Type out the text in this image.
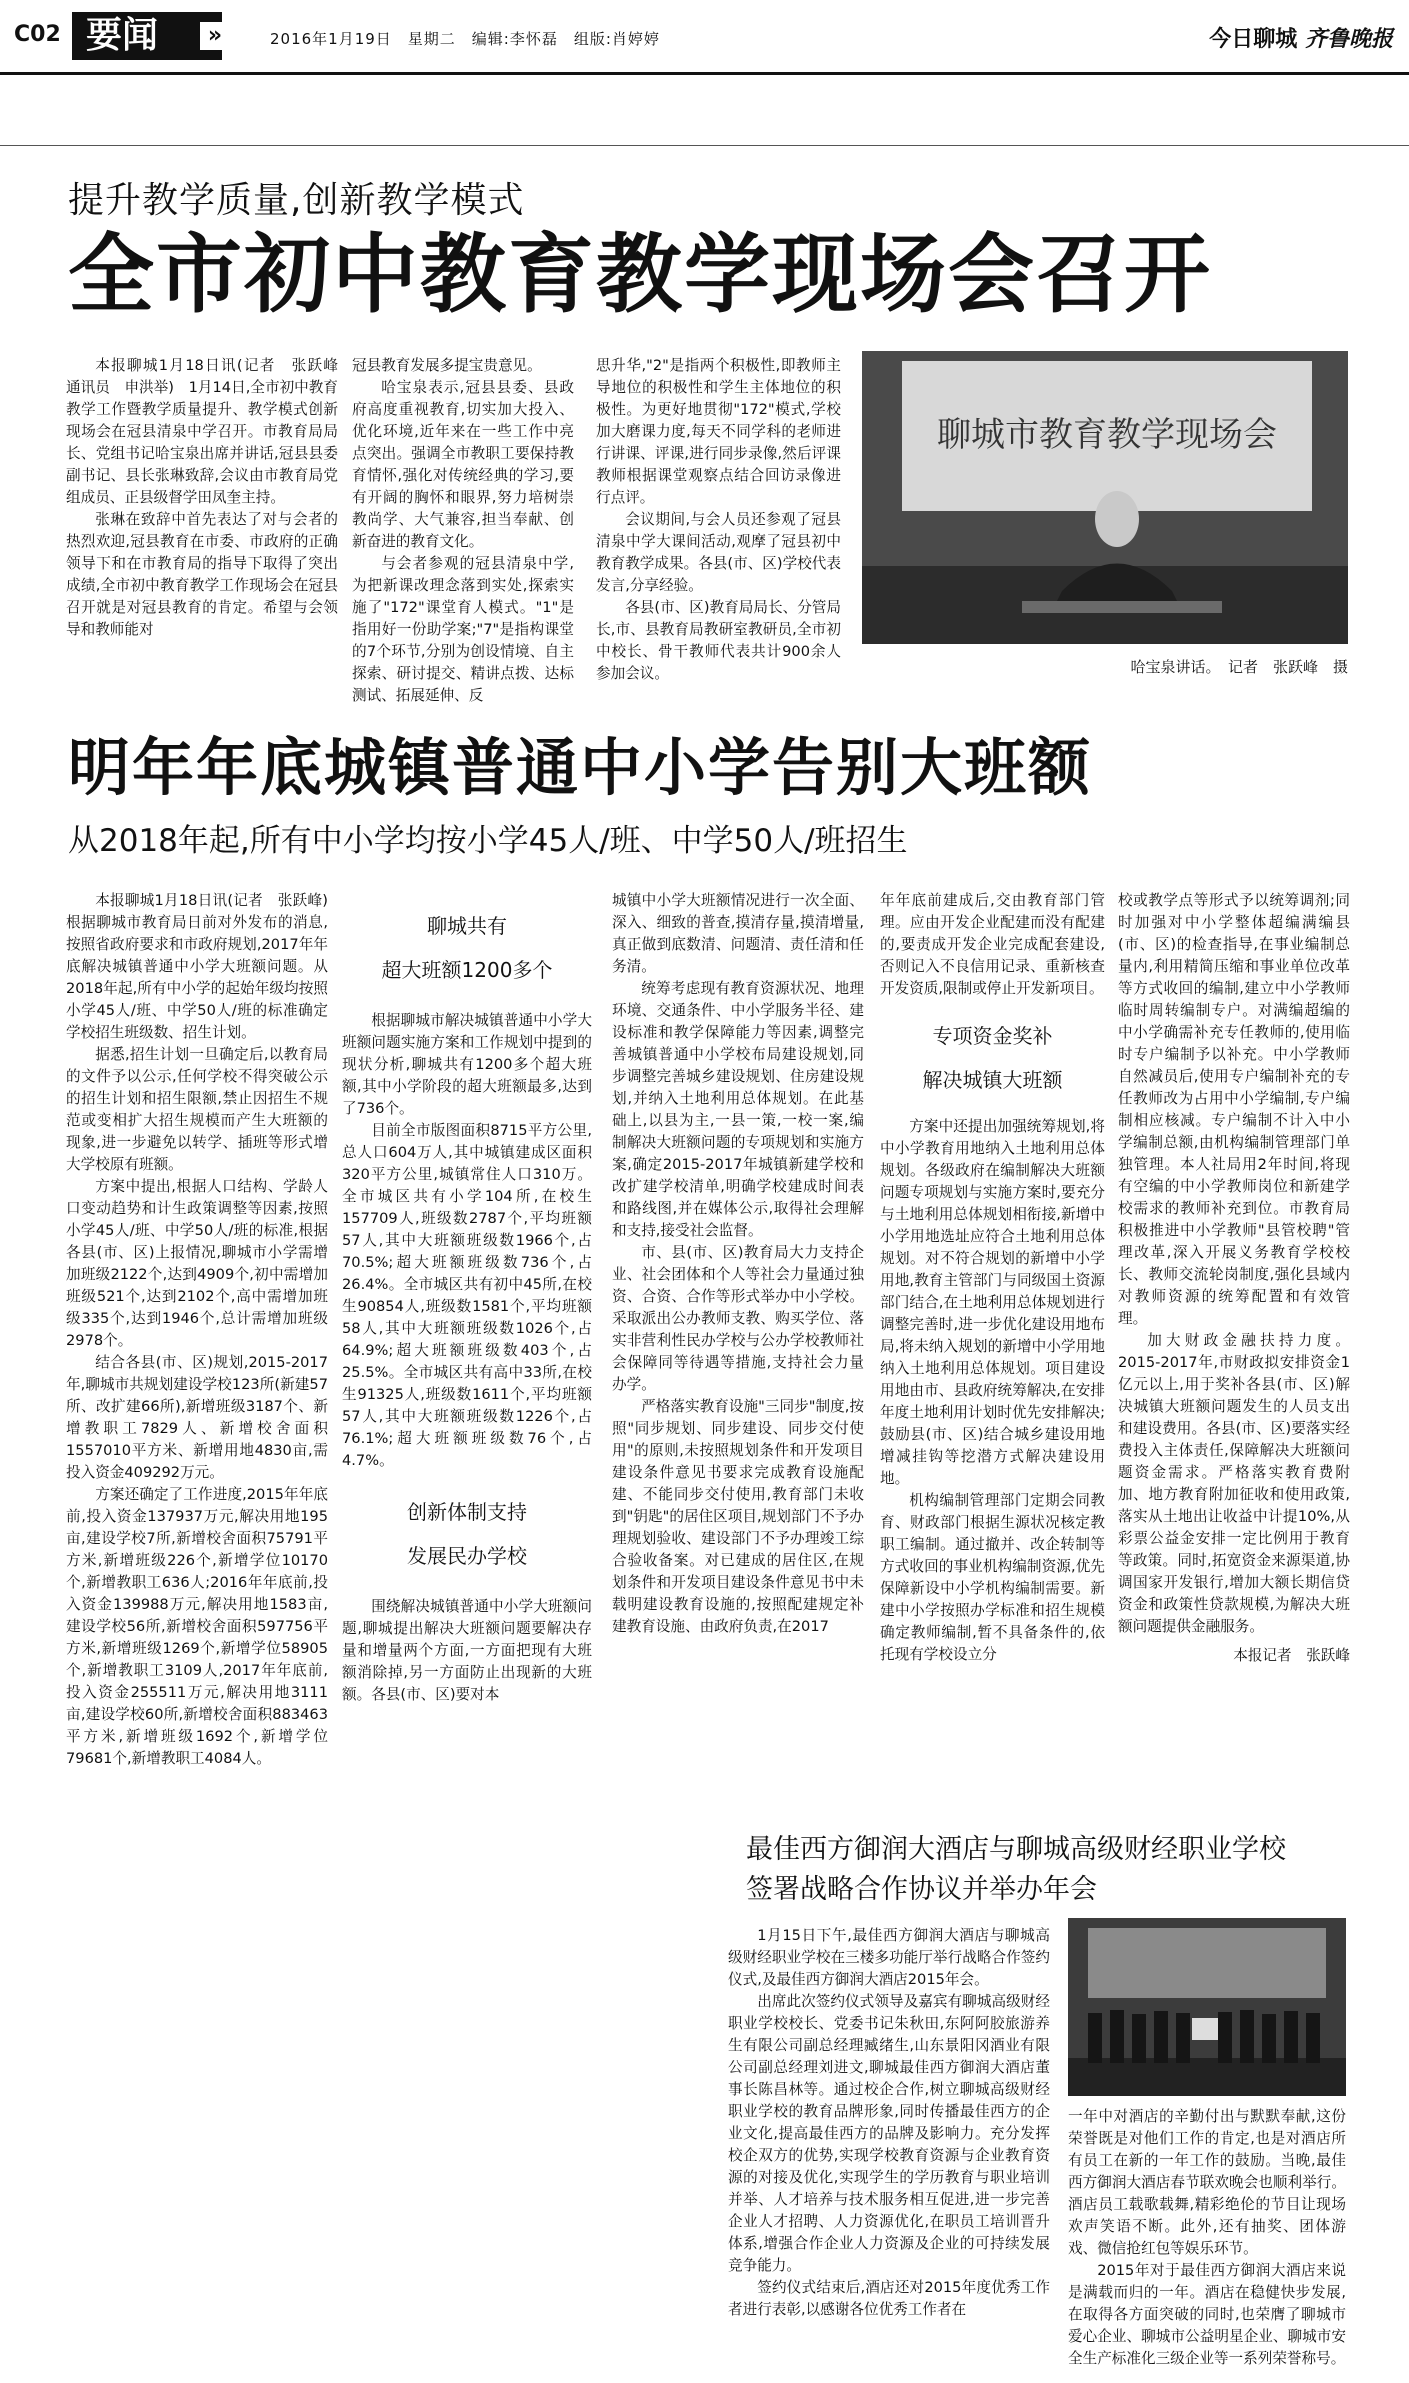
C02 要闻	»	2016年1月19日　星期二　编辑:李怀磊　组版:肖婷婷	今日聊城 齐鲁晚报
提升教学质量,创新教学模式
全市初中教育教学现场会召开

本报聊城1月18日讯(记者　张跃峰　通讯员　申洪举)　1月14日,全市初中教育教学工作暨教学质量提升、教学模式创新现场会在冠县清泉中学召开。市教育局局长、党组书记哈宝泉出席并讲话,冠县县委副书记、县长张琳致辞,会议由市教育局党组成员、正县级督学田凤奎主持。

张琳在致辞中首先表达了对与会者的热烈欢迎,冠县教育在市委、市政府的正确领导下和在市教育局的指导下取得了突出成绩,全市初中教育教学工作现场会在冠县召开就是对冠县教育的肯定。希望与会领导和教师能对

冠县教育发展多提宝贵意见。

哈宝泉表示,冠县县委、县政府高度重视教育,切实加大投入、优化环境,近年来在一些工作中亮点突出。强调全市教职工要保持教育情怀,强化对传统经典的学习,要有开阔的胸怀和眼界,努力培树崇教尚学、大气兼容,担当奉献、创新奋进的教育文化。

与会者参观的冠县清泉中学,为把新课改理念落到实处,探索实施了"172"课堂育人模式。"1"是指用好一份助学案;"7"是指构课堂的7个环节,分别为创设情境、自主探索、研讨提交、精讲点拨、达标测试、拓展延伸、反

思升华,"2"是指两个积极性,即教师主导地位的积极性和学生主体地位的积极性。为更好地贯彻"172"模式,学校加大磨课力度,每天不同学科的老师进行讲课、评课,进行同步录像,然后评课教师根据课堂观察点结合回访录像进行点评。

会议期间,与会人员还参观了冠县清泉中学大课间活动,观摩了冠县初中教育教学成果。各县(市、区)学校代表发言,分享经验。

各县(市、区)教育局局长、分管局长,市、县教育局教研室教研员,全市初中校长、骨干教师代表共计900余人参加会议。

聊城市教育教学现场会
哈宝泉讲话。　记者　张跃峰　摄
明年年底城镇普通中小学告别大班额
从2018年起,所有中小学均按小学45人/班、中学50人/班招生

本报聊城1月18日讯(记者　张跃峰)　根据聊城市教育局日前对外发布的消息,按照省政府要求和市政府规划,2017年年底解决城镇普通中小学大班额问题。从2018年起,所有中小学的起始年级均按照小学45人/班、中学50人/班的标准确定学校招生班级数、招生计划。

据悉,招生计划一旦确定后,以教育局的文件予以公示,任何学校不得突破公示的招生计划和招生限额,禁止因招生不规范或变相扩大招生规模而产生大班额的现象,进一步避免以转学、插班等形式增大学校原有班额。

方案中提出,根据人口结构、学龄人口变动趋势和计生政策调整等因素,按照小学45人/班、中学50人/班的标准,根据各县(市、区)上报情况,聊城市小学需增加班级2122个,达到4909个,初中需增加班级521个,达到2102个,高中需增加班级335个,达到1946个,总计需增加班级2978个。

结合各县(市、区)规划,2015-2017年,聊城市共规划建设学校123所(新建57所、改扩建66所),新增班级3187个、新增教职工7829人、新增校舍面积1557010平方米、新增用地4830亩,需投入资金409292万元。

方案还确定了工作进度,2015年年底前,投入资金137937万元,解决用地195亩,建设学校7所,新增校舍面积75791平方米,新增班级226个,新增学位10170个,新增教职工636人;2016年年底前,投入资金139988万元,解决用地1583亩,建设学校56所,新增校舍面积597756平方米,新增班级1269个,新增学位58905个,新增教职工3109人,2017年年底前,投入资金255511万元,解决用地3111亩,建设学校60所,新增校舍面积883463平方米,新增班级1692个,新增学位79681个,新增教职工4084人。

聊城共有
超大班额1200多个

根据聊城市解决城镇普通中小学大班额问题实施方案和工作规划中提到的现状分析,聊城共有1200多个超大班额,其中小学阶段的超大班额最多,达到了736个。

目前全市版图面积8715平方公里,总人口604万人,其中城镇建成区面积320平方公里,城镇常住人口310万。全市城区共有小学104所,在校生157709人,班级数2787个,平均班额57人,其中大班额班级数1966个,占70.5%;超大班额班级数736个,占26.4%。全市城区共有初中45所,在校生90854人,班级数1581个,平均班额58人,其中大班额班级数1026个,占64.9%;超大班额班级数403个,占25.5%。全市城区共有高中33所,在校生91325人,班级数1611个,平均班额57人,其中大班额班级数1226个,占76.1%;超大班额班级数76个,占4.7%。

创新体制支持
发展民办学校

围绕解决城镇普通中小学大班额问题,聊城提出解决大班额问题要解决存量和增量两个方面,一方面把现有大班额消除掉,另一方面防止出现新的大班额。各县(市、区)要对本

城镇中小学大班额情况进行一次全面、深入、细致的普查,摸清存量,摸清增量,真正做到底数清、问题清、责任清和任务清。

统筹考虑现有教育资源状况、地理环境、交通条件、中小学服务半径、建设标准和教学保障能力等因素,调整完善城镇普通中小学校布局建设规划,同步调整完善城乡建设规划、住房建设规划,并纳入土地利用总体规划。在此基础上,以县为主,一县一策,一校一案,编制解决大班额问题的专项规划和实施方案,确定2015-2017年城镇新建学校和改扩建学校清单,明确学校建成时间表和路线图,并在媒体公示,取得社会理解和支持,接受社会监督。

市、县(市、区)教育局大力支持企业、社会团体和个人等社会力量通过独资、合资、合作等形式举办中小学校。采取派出公办教师支教、购买学位、落实非营利性民办学校与公办学校教师社会保障同等待遇等措施,支持社会力量办学。

严格落实教育设施"三同步"制度,按照"同步规划、同步建设、同步交付使用"的原则,未按照规划条件和开发项目建设条件意见书要求完成教育设施配建、不能同步交付使用,教育部门未收到"钥匙"的居住区项目,规划部门不予办理规划验收、建设部门不予办理竣工综合验收备案。对已建成的居住区,在规划条件和开发项目建设条件意见书中未载明建设教育设施的,按照配建规定补建教育设施、由政府负责,在2017

年年底前建成后,交由教育部门管理。应由开发企业配建而没有配建的,要责成开发企业完成配套建设,否则记入不良信用记录、重新核查开发资质,限制或停止开发新项目。

专项资金奖补
解决城镇大班额

方案中还提出加强统筹规划,将中小学教育用地纳入土地利用总体规划。各级政府在编制解决大班额问题专项规划与实施方案时,要充分与土地利用总体规划相衔接,新增中小学用地选址应符合土地利用总体规划。对不符合规划的新增中小学用地,教育主管部门与同级国土资源部门结合,在土地利用总体规划进行调整完善时,进一步优化建设用地布局,将未纳入规划的新增中小学用地纳入土地利用总体规划。项目建设用地由市、县政府统筹解决,在安排年度土地利用计划时优先安排解决;鼓励县(市、区)结合城乡建设用地增减挂钩等挖潜方式解决建设用地。

机构编制管理部门定期会同教育、财政部门根据生源状况核定教职工编制。通过撤并、改企转制等方式收回的事业机构编制资源,优先保障新设中小学机构编制需要。新建中小学按照办学标准和招生规模确定教师编制,暂不具备条件的,依托现有学校设立分

校或教学点等形式予以统筹调剂;同时加强对中小学整体超编满编县(市、区)的检查指导,在事业编制总量内,利用精简压缩和事业单位改革等方式收回的编制,建立中小学教师临时周转编制专户。对满编超编的中小学确需补充专任教师的,使用临时专户编制予以补充。中小学教师自然减员后,使用专户编制补充的专任教师改为占用中小学编制,专户编制相应核减。专户编制不计入中小学编制总额,由机构编制管理部门单独管理。本人社局用2年时间,将现有空编的中小学教师岗位和新建学校需求的教师补充到位。市教育局积极推进中小学教师"县管校聘"管理改革,深入开展义务教育学校校长、教师交流轮岗制度,强化县域内对教师资源的统筹配置和有效管理。

加大财政金融扶持力度。2015-2017年,市财政拟安排资金1亿元以上,用于奖补各县(市、区)解决城镇大班额问题发生的人员支出和建设费用。各县(市、区)要落实经费投入主体责任,保障解决大班额问题资金需求。严格落实教育费附加、地方教育附加征收和使用政策,落实从土地出让收益中计提10%,从彩票公益金安排一定比例用于教育等政策。同时,拓宽资金来源渠道,协调国家开发银行,增加大额长期信贷资金和政策性贷款规模,为解决大班额问题提供金融服务。

本报记者　张跃峰
最佳西方御润大酒店与聊城高级财经职业学校
签署战略合作协议并举办年会

1月15日下午,最佳西方御润大酒店与聊城高级财经职业学校在三楼多功能厅举行战略合作签约仪式,及最佳西方御润大酒店2015年会。

出席此次签约仪式领导及嘉宾有聊城高级财经职业学校校长、党委书记朱秋田,东阿阿胶旅游养生有限公司副总经理臧绪生,山东景阳冈酒业有限公司副总经理刘进文,聊城最佳西方御润大酒店董事长陈昌林等。通过校企合作,树立聊城高级财经职业学校的教育品牌形象,同时传播最佳西方的企业文化,提高最佳西方的品牌及影响力。充分发挥校企双方的优势,实现学校教育资源与企业教育资源的对接及优化,实现学生的学历教育与职业培训并举、人才培养与技术服务相互促进,进一步完善企业人才招聘、人力资源优化,在职员工培训晋升体系,增强合作企业人力资源及企业的可持续发展竞争能力。

签约仪式结束后,酒店还对2015年度优秀工作者进行表彰,以感谢各位优秀工作者在

一年中对酒店的辛勤付出与默默奉献,这份荣誉既是对他们工作的肯定,也是对酒店所有员工在新的一年工作的鼓励。当晚,最佳西方御润大酒店春节联欢晚会也顺利举行。酒店员工载歌载舞,精彩绝伦的节目让现场欢声笑语不断。此外,还有抽奖、团体游戏、微信抢红包等娱乐环节。

2015年对于最佳西方御润大酒店来说是满载而归的一年。酒店在稳健快步发展,在取得各方面突破的同时,也荣膺了聊城市爱心企业、聊城市公益明星企业、聊城市安全生产标准化三级企业等一系列荣誉称号。
